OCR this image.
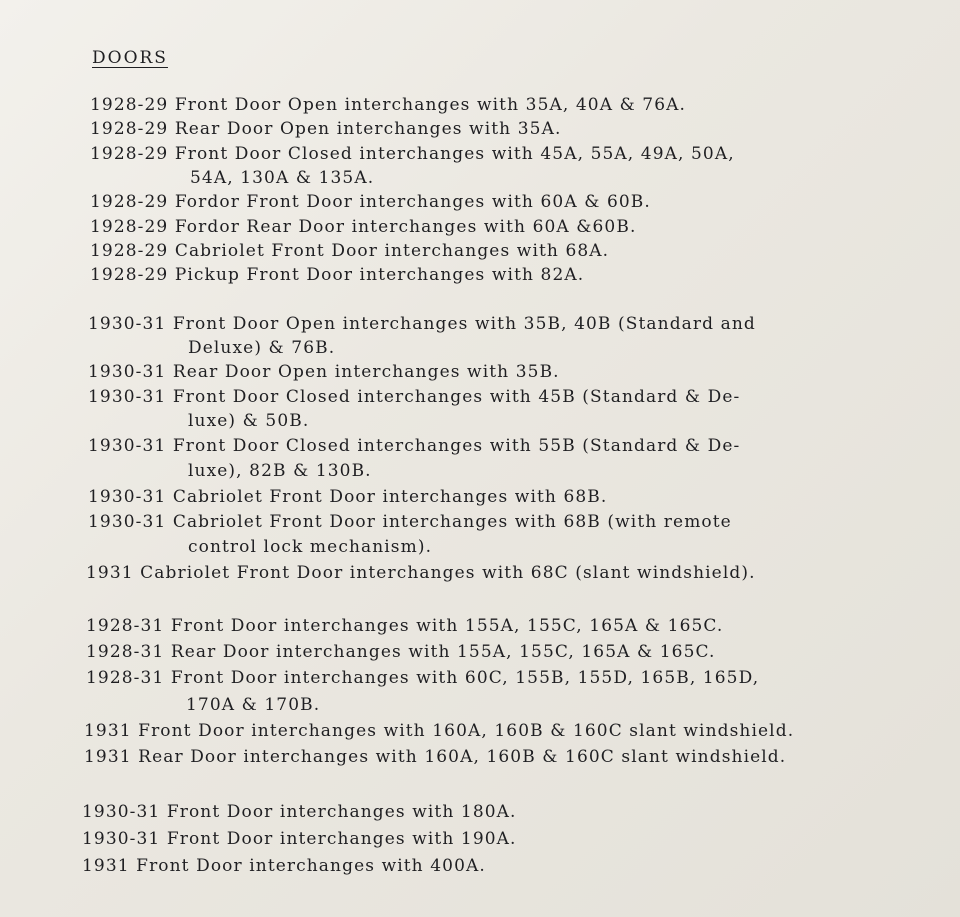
DOORS
1928-29 Front Door Open interchanges with 35A, 40A & 76A.
1928-29 Rear Door Open interchanges with 35A.
1928-29 Front Door Closed interchanges with 45A, 55A, 49A, 50A,
54A, 130A & 135A.
1928-29 Fordor Front Door interchanges with 60A & 60B.
1928-29 Fordor Rear Door interchanges with 60A &60B.
1928-29 Cabriolet Front Door interchanges with 68A.
1928-29 Pickup Front Door interchanges with 82A.
1930-31 Front Door Open interchanges with 35B, 40B (Standard and
Deluxe) & 76B.
1930-31 Rear Door Open interchanges with 35B.
1930-31 Front Door Closed interchanges with 45B (Standard & De-
luxe) & 50B.
1930-31 Front Door Closed interchanges with 55B (Standard & De-
luxe), 82B & 130B.
1930-31 Cabriolet Front Door interchanges with 68B.
1930-31 Cabriolet Front Door interchanges with 68B (with remote
control lock mechanism).
1931 Cabriolet Front Door interchanges with 68C (slant windshield).
1928-31 Front Door interchanges with 155A, 155C, 165A & 165C.
1928-31 Rear Door interchanges with 155A, 155C, 165A & 165C.
1928-31 Front Door interchanges with 60C, 155B, 155D, 165B, 165D,
170A & 170B.
1931 Front Door interchanges with 160A, 160B & 160C slant windshield.
1931 Rear Door interchanges with 160A, 160B & 160C slant windshield.
1930-31 Front Door interchanges with 180A.
1930-31 Front Door interchanges with 190A.
1931 Front Door interchanges with 400A.
